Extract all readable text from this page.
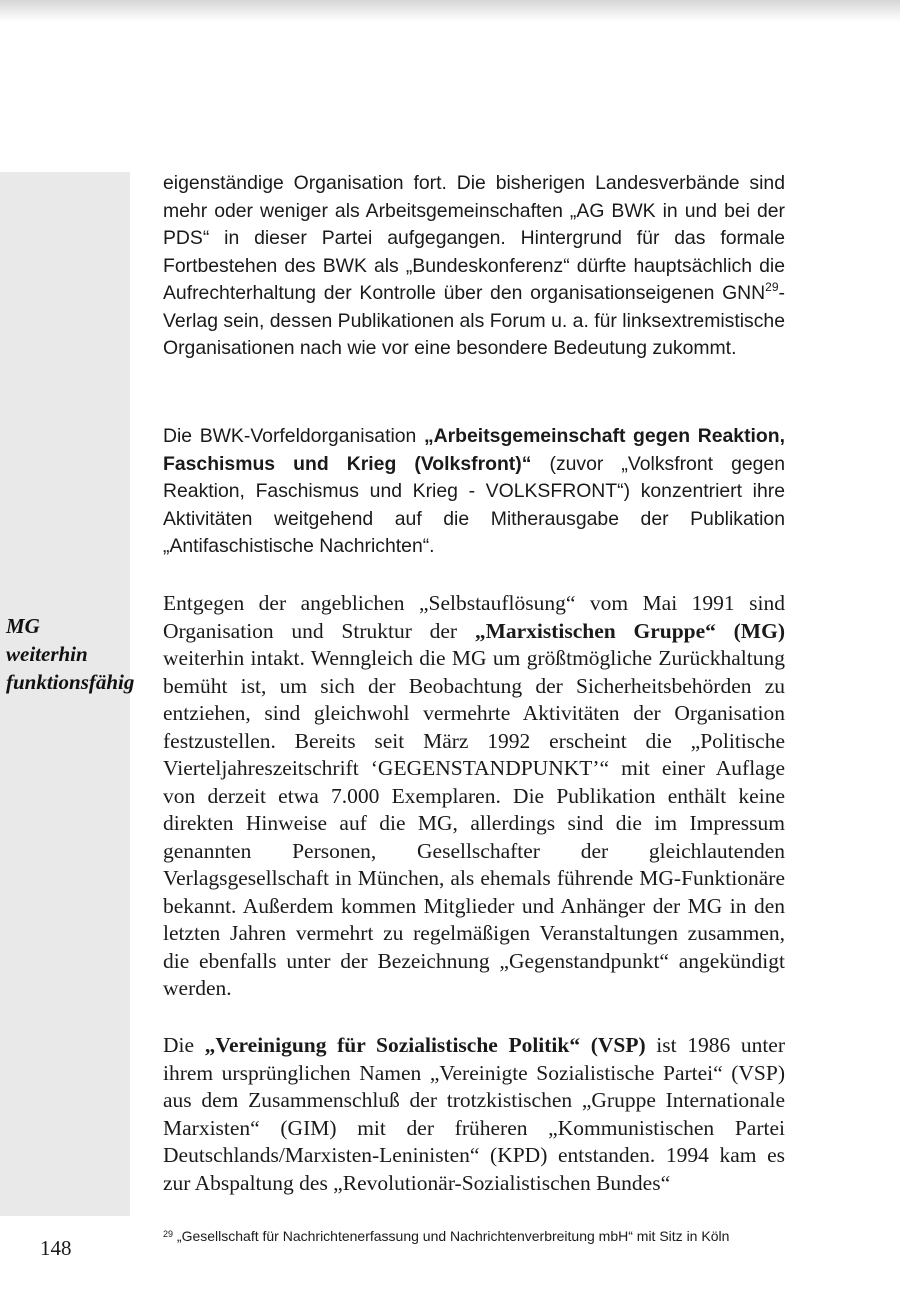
MG weiterhin funktionsfähig

eigenständige Organisation fort. Die bisherigen Landesverbände sind mehr oder weniger als Arbeitsgemeinschaften „AG BWK in und bei der PDS“ in dieser Partei aufgegangen. Hintergrund für das formale Fortbestehen des BWK als „Bundeskonferenz“ dürfte hauptsächlich die Aufrechterhaltung der Kontrolle über den organisationseigenen GNN$^{29}$-Verlag sein, dessen Publikationen als Forum u. a. für linksextremistische Organisationen nach wie vor eine besondere Bedeutung zukommt.

Die BWK-Vorfeldorganisation „Arbeitsgemeinschaft gegen Reaktion, Faschismus und Krieg (Volksfront)“ (zuvor „Volksfront gegen Reaktion, Faschismus und Krieg - VOLKSFRONT“) konzentriert ihre Aktivitäten weitgehend auf die Mitherausgabe der Publikation „Antifaschistische Nachrichten“.

Entgegen der angeblichen „Selbstauflösung“ vom Mai 1991 sind Organisation und Struktur der „Marxistischen Gruppe“ (MG) weiterhin intakt. Wenngleich die MG um größtmögliche Zurückhaltung bemüht ist, um sich der Beobachtung der Sicherheitsbehörden zu entziehen, sind gleichwohl vermehrte Aktivitäten der Organisation festzustellen. Bereits seit März 1992 erscheint die „Politische Vierteljahreszeitschrift ‘GEGENSTANDPUNKT’“ mit einer Auflage von derzeit etwa 7.000 Exemplaren. Die Publikation enthält keine direkten Hinweise auf die MG, allerdings sind die im Impressum genannten Personen, Gesellschafter der gleichlautenden Verlagsgesellschaft in München, als ehemals führende MG-Funktionäre bekannt. Außerdem kommen Mitglieder und Anhänger der MG in den letzten Jahren vermehrt zu regelmäßigen Veranstaltungen zusammen, die ebenfalls unter der Bezeichnung „Gegenstandpunkt“ angekündigt werden.

Die „Vereinigung für Sozialistische Politik“ (VSP) ist 1986 unter ihrem ursprünglichen Namen „Vereinigte Sozialistische Partei“ (VSP) aus dem Zusammenschluß der trotzkistischen „Gruppe Internationale Marxisten“ (GIM) mit der früheren „Kommunistischen Partei Deutschlands/Marxisten-Leninisten“ (KPD) entstanden. 1994 kam es zur Abspaltung des „Revolutionär-Sozialistischen Bundes“

148
$^{29}$ „Gesellschaft für Nachrichtenerfassung und Nachrichtenverbreitung mbH“ mit Sitz in Köln
